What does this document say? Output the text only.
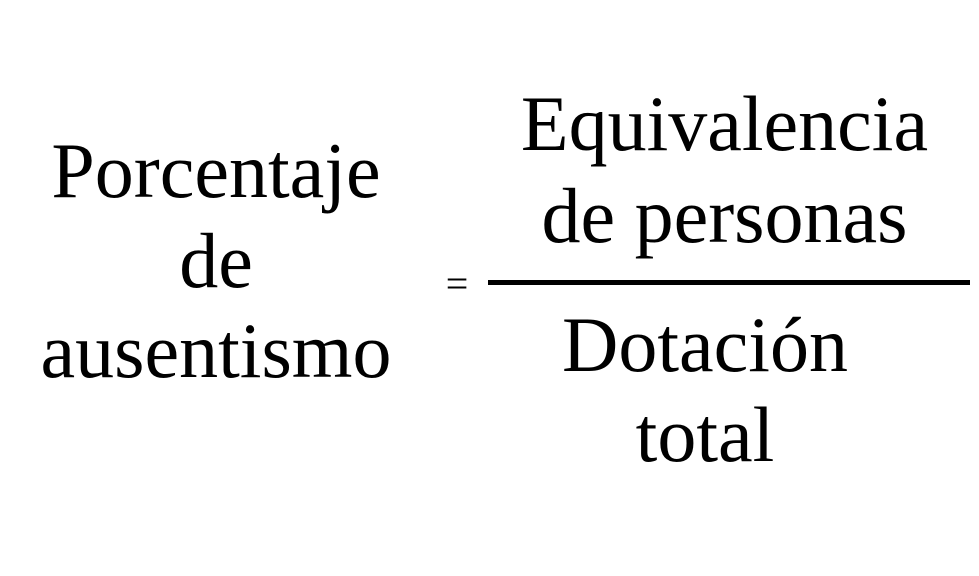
Porcentaje
de
ausentismo
=
Equivalencia
de personas
Dotación
total
